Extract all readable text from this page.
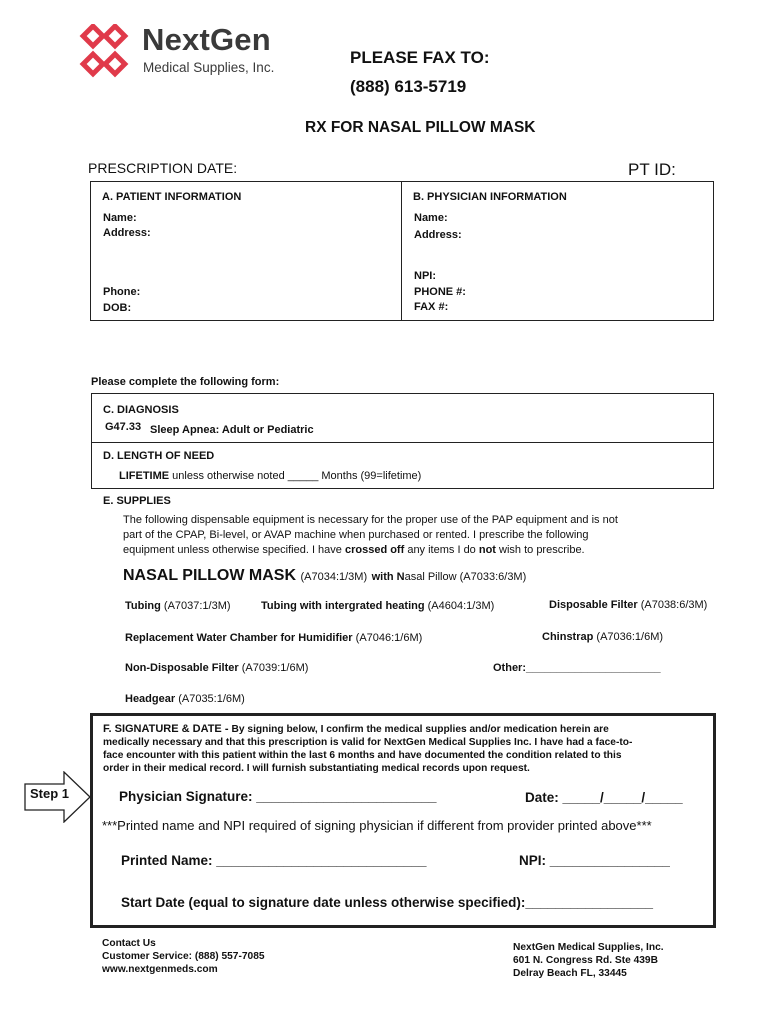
NextGen
Medical Supplies, Inc.
PLEASE FAX TO:
(888) 613-5719
RX FOR NASAL PILLOW MASK
PRESCRIPTION DATE:	PT ID:
A. PATIENT INFORMATION
Name:
Address:
Phone:
DOB:
B. PHYSICIAN INFORMATION
Name:
Address:
NPI:
PHONE #:
FAX #:
Please complete the following form:
C. DIAGNOSIS
G47.33 Sleep Apnea: Adult or Pediatric
D. LENGTH OF NEED
LIFETIME unless otherwise noted _____ Months (99=lifetime)
E. SUPPLIES
The following dispensable equipment is necessary for the proper use of the PAP equipment and is not
part of the CPAP, Bi-level, or AVAP machine when purchased or rented. I prescribe the following
equipment unless otherwise specified. I have crossed off any items I do not wish to prescribe.
NASAL PILLOW MASK (A7034:1/3M) with Nasal Pillow (A7033:6/3M)
Tubing (A7037:1/3M)	Tubing with intergrated heating (A4604:1/3M)	Disposable Filter (A7038:6/3M)
Replacement Water Chamber for Humidifier (A7046:1/6M)	Chinstrap (A7036:1/6M)
Non-Disposable Filter (A7039:1/6M)	Other:______________________
Headgear (A7035:1/6M)
F. SIGNATURE & DATE - By signing below, I confirm the medical supplies and/or medication herein are
medically necessary and that this prescription is valid for NextGen Medical Supplies Inc. I have had a face-to-
face encounter with this patient within the last 6 months and have documented the condition related to this
order in their medical record. I will furnish substantiating medical records upon request.
Physician Signature: ________________________	Date: _____/_____/_____
***Printed name and NPI required of signing physician if different from provider printed above***
Printed Name: ____________________________	NPI: ________________
Start Date (equal to signature date unless otherwise specified):_________________
Step 1
Contact Us
Customer Service: (888) 557-7085
www.nextgenmeds.com
NextGen Medical Supplies, Inc.
601 N. Congress Rd. Ste 439B
Delray Beach FL, 33445
